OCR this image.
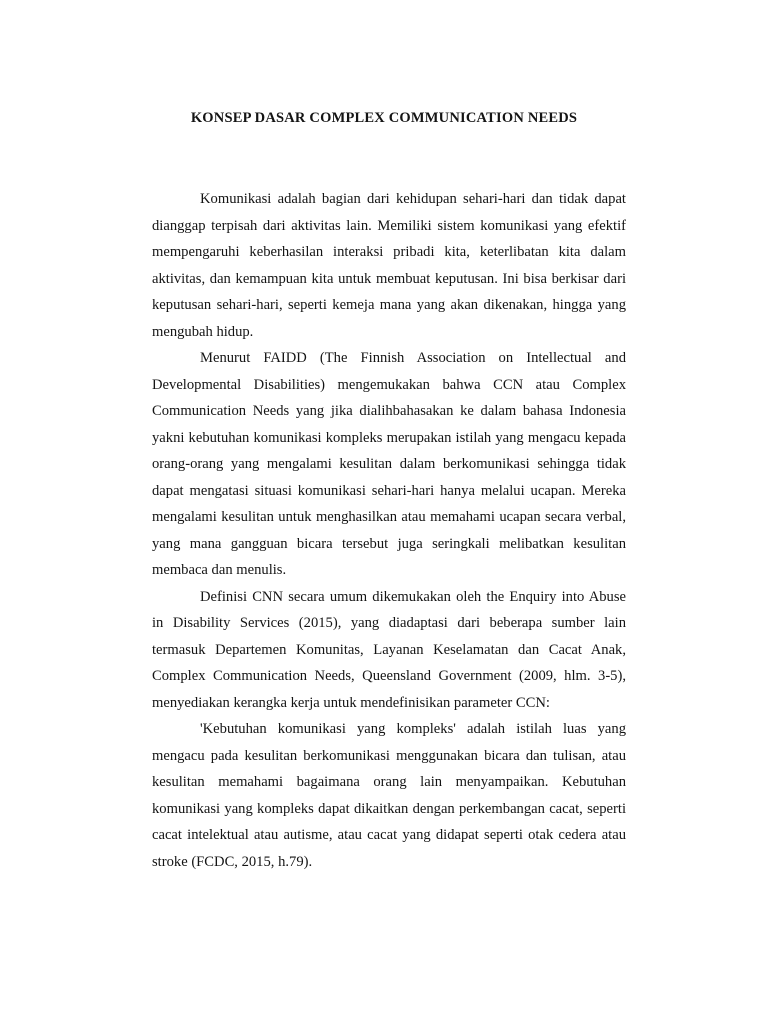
KONSEP DASAR COMPLEX COMMUNICATION NEEDS

Komunikasi adalah bagian dari kehidupan sehari-hari dan tidak dapat dianggap terpisah dari aktivitas lain. Memiliki sistem komunikasi yang efektif mempengaruhi keberhasilan interaksi pribadi kita, keterlibatan kita dalam aktivitas, dan kemampuan kita untuk membuat keputusan. Ini bisa berkisar dari keputusan sehari-hari, seperti kemeja mana yang akan dikenakan, hingga yang mengubah hidup.

Menurut FAIDD (The Finnish Association on Intellectual and Developmental Disabilities) mengemukakan bahwa CCN atau Complex Communication Needs yang jika dialihbahasakan ke dalam bahasa Indonesia yakni kebutuhan komunikasi kompleks merupakan istilah yang mengacu kepada orang-orang yang mengalami kesulitan dalam berkomunikasi sehingga tidak dapat mengatasi situasi komunikasi sehari-hari hanya melalui ucapan. Mereka mengalami kesulitan untuk menghasilkan atau memahami ucapan secara verbal, yang mana gangguan bicara tersebut juga seringkali melibatkan kesulitan membaca dan menulis.

Definisi CNN secara umum dikemukakan oleh the Enquiry into Abuse in Disability Services (2015), yang diadaptasi dari beberapa sumber lain termasuk Departemen Komunitas, Layanan Keselamatan dan Cacat Anak, Complex Communication Needs, Queensland Government (2009, hlm. 3-5), menyediakan kerangka kerja untuk mendefinisikan parameter CCN:

'Kebutuhan komunikasi yang kompleks' adalah istilah luas yang mengacu pada kesulitan berkomunikasi menggunakan bicara dan tulisan, atau kesulitan memahami bagaimana orang lain menyampaikan. Kebutuhan komunikasi yang kompleks dapat dikaitkan dengan perkembangan cacat, seperti cacat intelektual atau autisme, atau cacat yang didapat seperti otak cedera atau stroke (FCDC, 2015, h.79).
